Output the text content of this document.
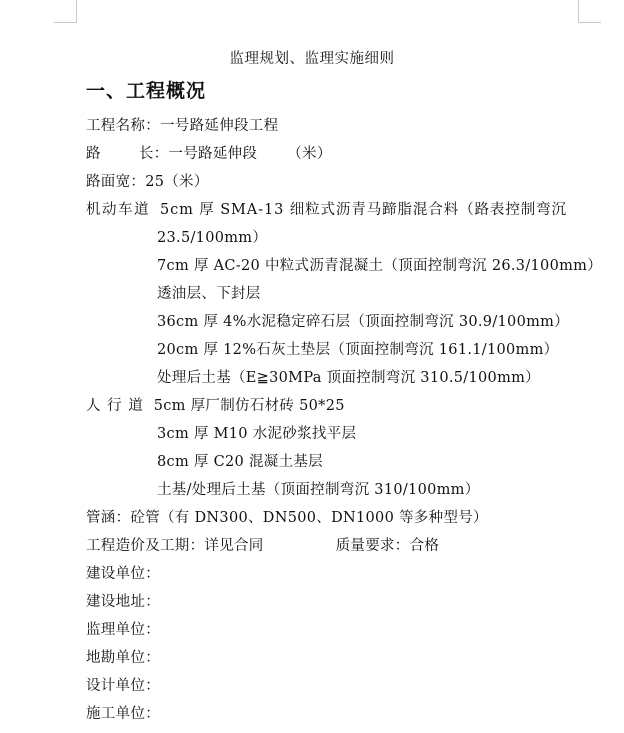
监理规划、监理实施细则
一、工程概况
工程名称：一号路延伸段工程
路	长：一号路延伸段 （米）
路面宽：25（米）
机动车道 5cm 厚 SMA-13 细粒式沥青马蹄脂混合料（路表控制弯沉
23.5/100mm）
7cm 厚 AC-20 中粒式沥青混凝土（顶面控制弯沉 26.3/100mm）
透油层、下封层
36cm 厚 4%水泥稳定碎石层（顶面控制弯沉 30.9/100mm）
20cm 厚 12%石灰土垫层（顶面控制弯沉 161.1/100mm）
处理后土基（E≧30MPa 顶面控制弯沉 310.5/100mm）
人 行 道 5cm 厚厂制仿石材砖 50*25
3cm 厚 M10 水泥砂浆找平层
8cm 厚 C20 混凝土基层
土基/处理后土基（顶面控制弯沉 310/100mm）
管涵：砼管（有 DN300、DN500、DN1000 等多种型号）
工程造价及工期：详见合同	质量要求：合格
建设单位：
建设地址：
监理单位：
地勘单位：
设计单位：
施工单位：
